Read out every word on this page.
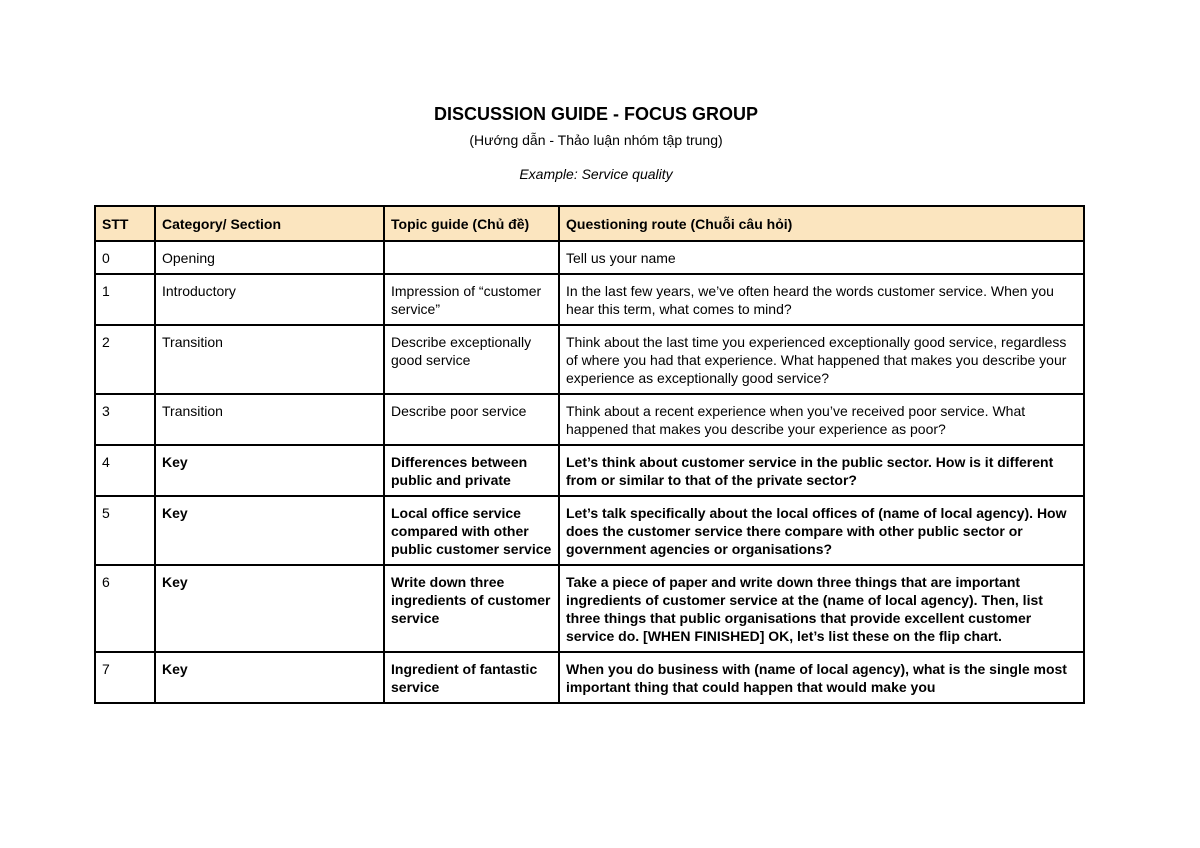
DISCUSSION GUIDE - FOCUS GROUP
(Hướng dẫn - Thảo luận nhóm tập trung)
Example: Service quality
STT	Category/ Section	Topic guide (Chủ đề)	Questioning route (Chuỗi câu hỏi)
0	Opening		Tell us your name
1	Introductory	Impression of “customer service”	In the last few years, we’ve often heard the words customer service. When you hear this term, what comes to mind?
2	Transition	Describe exceptionally good service	Think about the last time you experienced exceptionally good service, regardless of where you had that experience. What happened that makes you describe your experience as exceptionally good service?
3	Transition	Describe poor service	Think about a recent experience when you’ve received poor service. What happened that makes you describe your experience as poor?
4	Key	Differences between public and private	Let’s think about customer service in the public sector. How is it different from or similar to that of the private sector?
5	Key	Local office service compared with other public customer service	Let’s talk specifically about the local offices of (name of local agency). How does the customer service there compare with other public sector or government agencies or organisations?
6	Key	Write down three ingredients of customer service	Take a piece of paper and write down three things that are important ingredients of customer service at the (name of local agency). Then, list three things that public organisations that provide excellent customer service do. [WHEN FINISHED] OK, let’s list these on the flip chart.
7	Key	Ingredient of fantastic service	When you do business with (name of local agency), what is the single most important thing that could happen that would make you
